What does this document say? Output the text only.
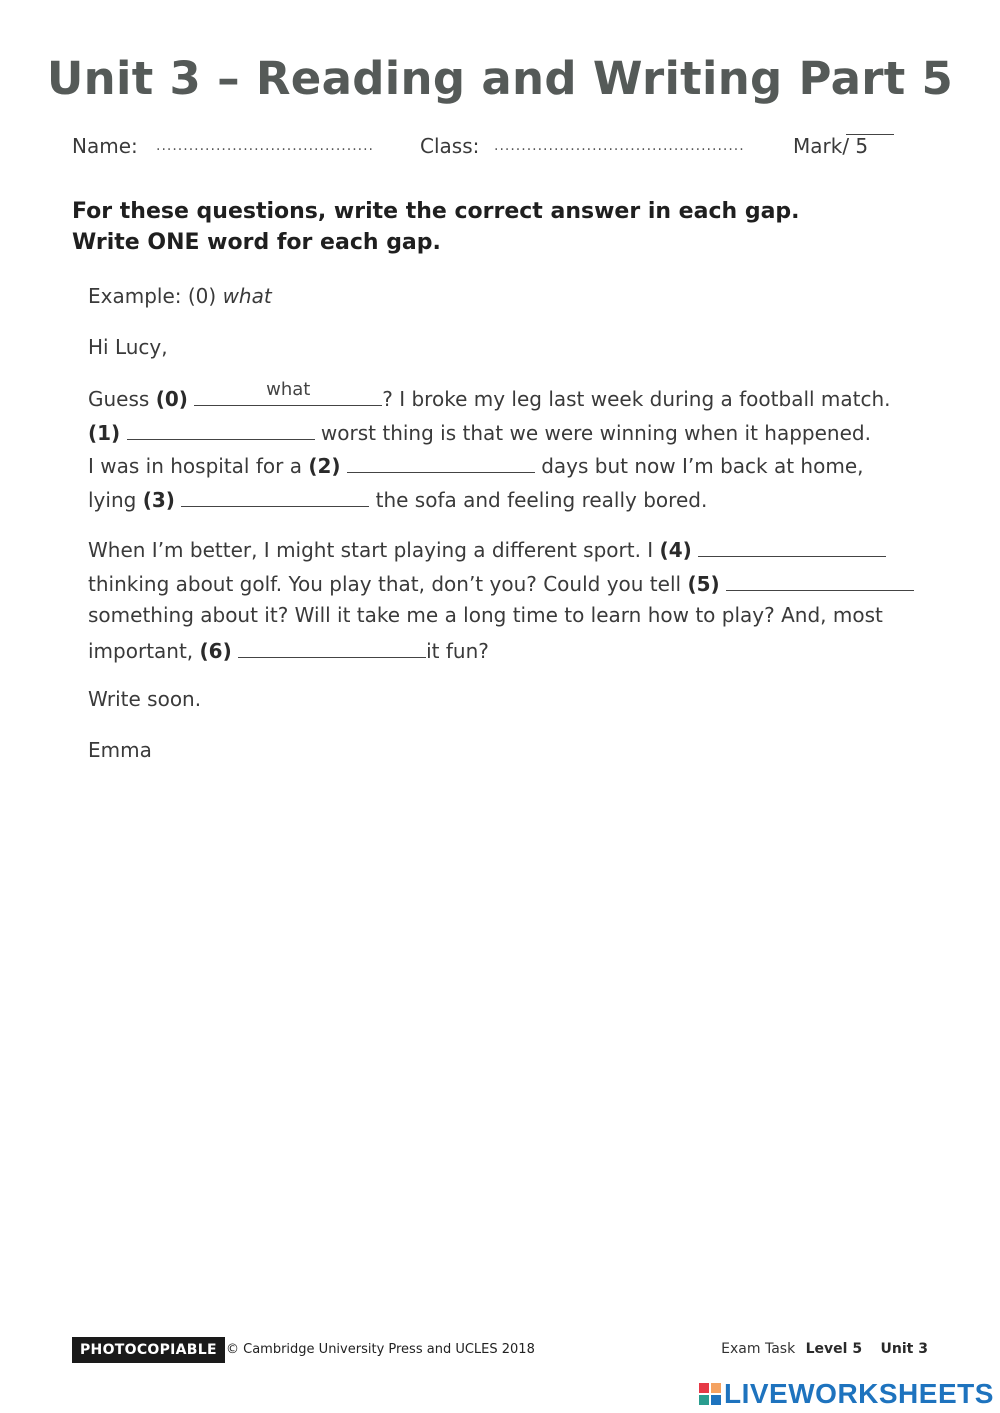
Unit 3 – Reading and Writing Part 5
Name: ........................................ Class: .............................................. Mark
/ 5
For these questions, write the correct answer in each gap.
Write ONE word for each gap.
Example: (0) what
Hi Lucy,
Guess (0)	what	? I broke my leg last week during a football match.
(1)	worst thing is that we were winning when it happened.
I was in hospital for a (2)	days but now I’m back at home,
lying (3)	the sofa and feeling really bored.
When I’m better, I might start playing a different sport. I (4)
thinking about golf. You play that, don’t you? Could you tell (5)
something about it? Will it take me a long time to learn how to play? And, most
important, (6)	it fun?
Write soon.
Emma
PHOTOCOPIABLE © Cambridge University Press and UCLES 2018	Exam Task Level 5 Unit 3
LIVEWORKSHEETS
